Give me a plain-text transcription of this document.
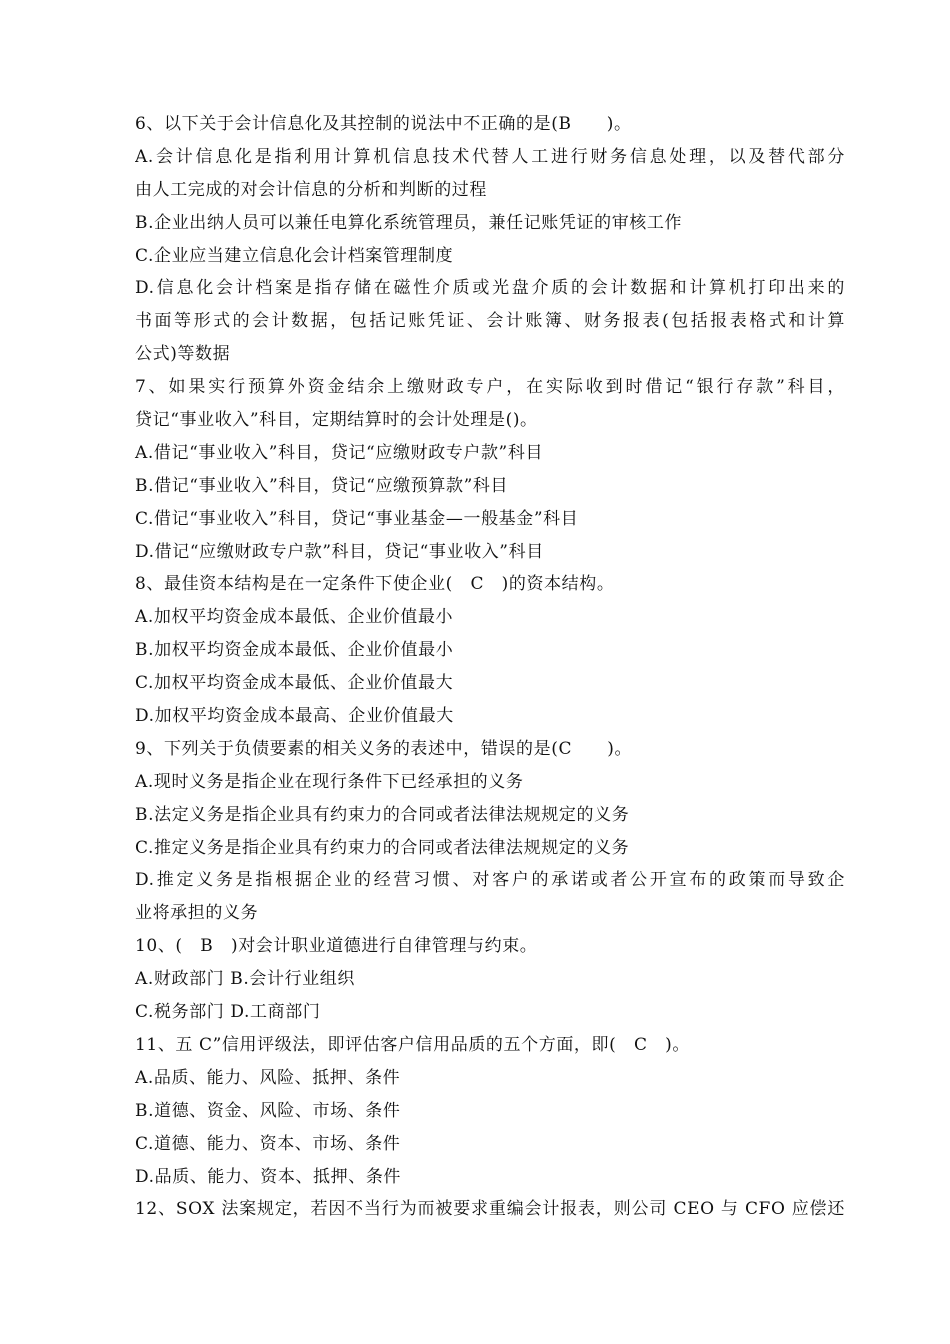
6、以下关于会计信息化及其控制的说法中不正确的是(B　　)。
A.会计信息化是指利用计算机信息技术代替人工进行财务信息处理，以及替代部分
由人工完成的对会计信息的分析和判断的过程
B.企业出纳人员可以兼任电算化系统管理员，兼任记账凭证的审核工作
C.企业应当建立信息化会计档案管理制度
D.信息化会计档案是指存储在磁性介质或光盘介质的会计数据和计算机打印出来的
书面等形式的会计数据，包括记账凭证、会计账簿、财务报表(包括报表格式和计算
公式)等数据
7、如果实行预算外资金结余上缴财政专户，在实际收到时借记“银行存款”科目，
贷记“事业收入”科目，定期结算时的会计处理是()。
A.借记“事业收入”科目，贷记“应缴财政专户款”科目
B.借记“事业收入”科目，贷记“应缴预算款”科目
C.借记“事业收入”科目，贷记“事业基金—一般基金”科目
D.借记“应缴财政专户款”科目，贷记“事业收入”科目
8、最佳资本结构是在一定条件下使企业(　C　)的资本结构。
A.加权平均资金成本最低、企业价值最小
B.加权平均资金成本最低、企业价值最小
C.加权平均资金成本最低、企业价值最大
D.加权平均资金成本最高、企业价值最大
9、下列关于负债要素的相关义务的表述中，错误的是(C　　)。
A.现时义务是指企业在现行条件下已经承担的义务
B.法定义务是指企业具有约束力的合同或者法律法规规定的义务
C.推定义务是指企业具有约束力的合同或者法律法规规定的义务
D.推定义务是指根据企业的经营习惯、对客户的承诺或者公开宣布的政策而导致企
业将承担的义务
10、(　B　)对会计职业道德进行自律管理与约束。
A.财政部门 B.会计行业组织
C.税务部门 D.工商部门
11、五 C”信用评级法，即评估客户信用品质的五个方面，即(　C　)。
A.品质、能力、风险、抵押、条件
B.道德、资金、风险、市场、条件
C.道德、能力、资本、市场、条件
D.品质、能力、资本、抵押、条件
12、SOX 法案规定，若因不当行为而被要求重编会计报表，则公司 CEO 与 CFO 应偿还
